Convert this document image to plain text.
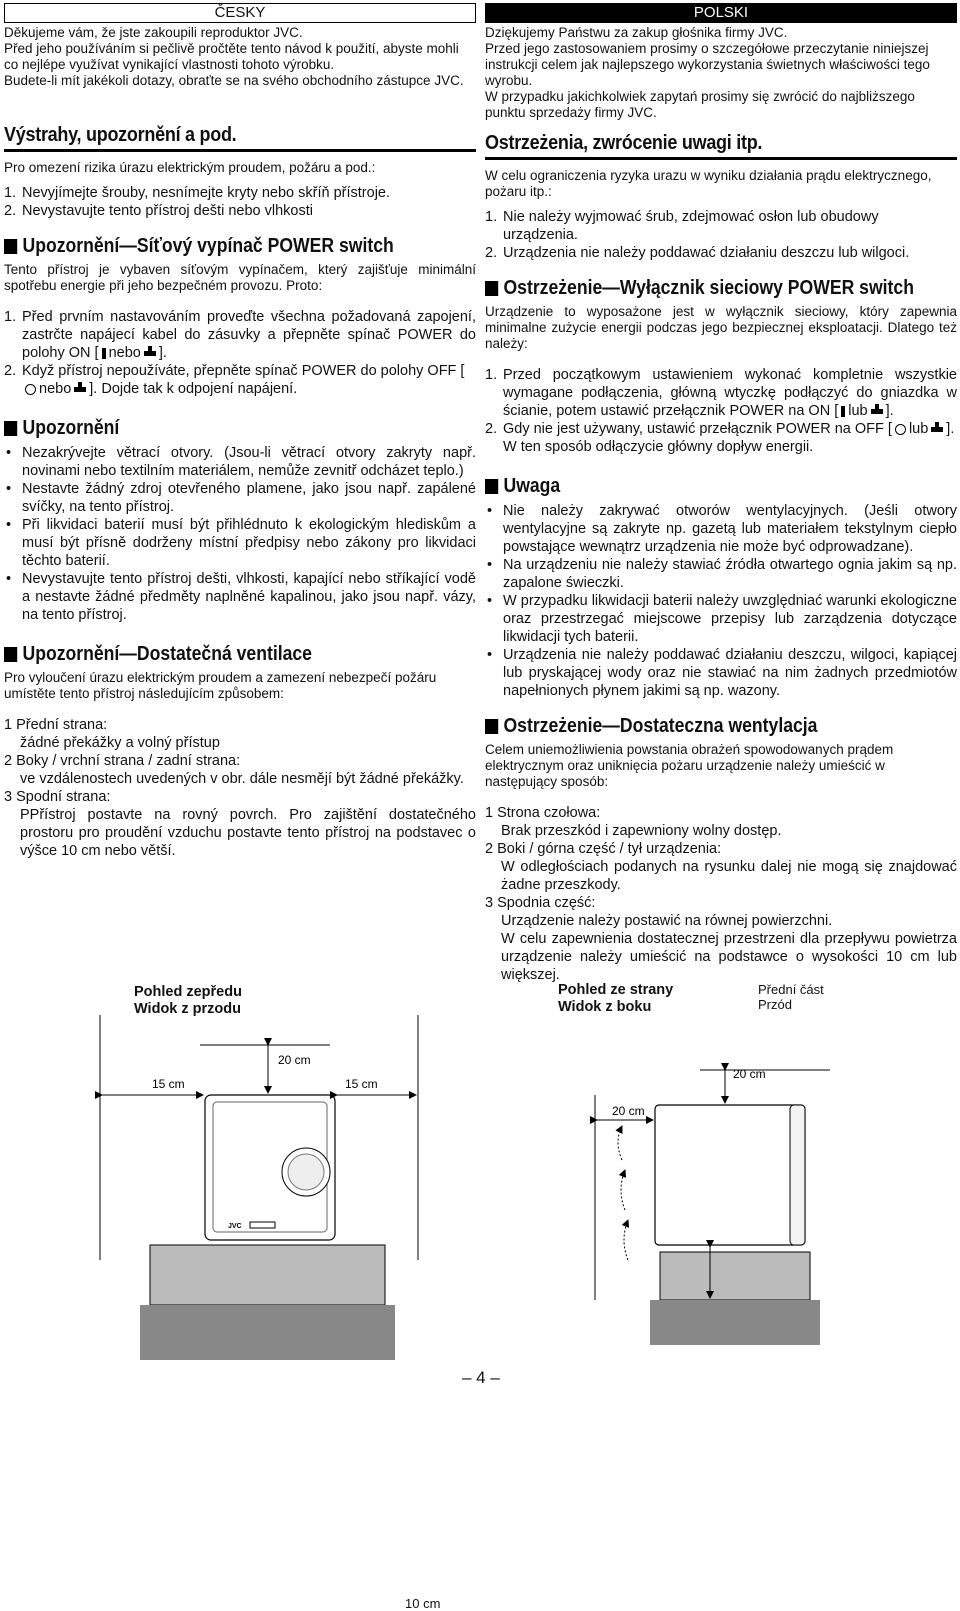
ČESKY

Děkujeme vám, že jste zakoupili reproduktor JVC.

Před jeho používáním si pečlivě pročtěte tento návod k použití, abyste mohli co nejlépe využívat vynikající vlastnosti tohoto výrobku.

Budete-li mít jakékoli dotazy, obraťte se na svého obchodního zástupce JVC.

Výstrahy, upozornění a pod.

Pro omezení rizika úrazu elektrickým proudem, požáru a pod.:

1. Nevyjímejte šrouby, nesnímejte kryty nebo skříň přístroje.
2. Nevystavujte tento přístroj dešti nebo vlhkosti
Upozornění—Síťový vypínač POWER switch

Tento přístroj je vybaven síťovým vypínačem, který zajišťuje minimální spotřebu energie při jeho bezpečném provozu. Proto:

1. Před prvním nastavováním proveďte všechna požadovaná zapojení, zastrčte napájecí kabel do zásuvky a přepněte spínač POWER do polohy ON [ nebo ].
2. Když přístroj nepoužíváte, přepněte spínač POWER do polohy OFF [nebo ]. Dojde tak k odpojení napájení.
Upozornění
• Nezakrývejte větrací otvory. (Jsou-li větrací otvory zakryty např. novinami nebo textilním materiálem, nemůže zevnitř odcházet teplo.)
• Nestavte žádný zdroj otevřeného plamene, jako jsou např. zapálené svíčky, na tento přístroj.
• Při likvidaci baterií musí být přihlédnuto k ekologickým hlediskům a musí být přísně dodrženy místní předpisy nebo zákony pro likvidaci těchto baterií.
• Nevystavujte tento přístroj dešti, vlhkosti, kapající nebo stříkající vodě a nestavte žádné předměty naplněné kapalinou, jako jsou např. vázy, na tento přístroj.
Upozornění—Dostatečná ventilace

Pro vyloučení úrazu elektrickým proudem a zamezení nebezpečí požáru umístěte tento přístroj následujícím způsobem:

1 Přední strana:

žádné překážky a volný přístup

2 Boky / vrchní strana / zadní strana:

ve vzdálenostech uvedených v obr. dále nesmějí být žádné překážky.

3 Spodní strana:

PPřístroj postavte na rovný povrch. Pro zajištění dostatečného prostoru pro proudění vzduchu postavte tento přístroj na podstavec o výšce 10 cm nebo větší.

POLSKI

Dziękujemy Państwu za zakup głośnika firmy JVC.

Przed jego zastosowaniem prosimy o szczegółowe przeczytanie niniejszej instrukcji celem jak najlepszego wykorzystania świetnych właściwości tego wyrobu.

W przypadku jakichkolwiek zapytań prosimy się zwrócić do najbliższego punktu sprzedaży firmy JVC.

Ostrzeżenia, zwrócenie uwagi itp.

W celu ograniczenia ryzyka urazu w wyniku działania prądu elektrycznego, pożaru itp.:

1. Nie należy wyjmować śrub, zdejmować osłon lub obudowy urządzenia.
2. Urządzenia nie należy poddawać działaniu deszczu lub wilgoci.
Ostrzeżenie—Wyłącznik sieciowy POWER switch

Urządzenie to wyposażone jest w wyłącznik sieciowy, który zapewnia minimalne zużycie energii podczas jego bezpiecznej eksploatacji. Dlatego też należy:

1. Przed początkowym ustawieniem wykonać kompletnie wszystkie wymagane podłączenia, główną wtyczkę podłączyć do gniazdka w ścianie, potem ustawić przełącznik POWER na ON [ lub ].
2. Gdy nie jest używany, ustawić przełącznik POWER na OFF [ lub ]. W ten sposób odłączycie główny dopływ energii.
Uwaga
• Nie należy zakrywać otworów wentylacyjnych. (Jeśli otwory wentylacyjne są zakryte np. gazetą lub materiałem tekstylnym ciepło powstające wewnątrz urządzenia nie może być odprowadzane).
• Na urządzeniu nie należy stawiać źródła otwartego ognia jakim są np. zapalone świeczki.
• W przypadku likwidacji baterii należy uwzględniać warunki ekologiczne oraz przestrzegać miejscowe przepisy lub zarządzenia dotyczące likwidacji tych baterii.
• Urządzenia nie należy poddawać działaniu deszczu, wilgoci, kapiącej lub pryskającej wody oraz nie stawiać na nim żadnych przedmiotów napełnionych płynem jakimi są np. wazony.
Ostrzeżenie—Dostateczna wentylacja

Celem uniemożliwienia powstania obrażeń spowodowanych prądem elektrycznym oraz uniknięcia pożaru urządzenie należy umieścić w następujący sposób:

1 Strona czołowa:

Brak przeszkód i zapewniony wolny dostęp.

2 Boki / górna część / tył urządzenia:

W odległościach podanych na rysunku dalej nie mogą się znajdować żadne przeszkody.

3 Spodnia część:

Urządzenie należy postawić na równej powierzchni.

W celu zapewnienia dostatecznej przestrzeni dla przepływu powietrza urządzenie należy umieścić na podstawce o wysokości 10 cm lub większej.

Pohled zepředu
Widok z przodu
Pohled ze strany
Widok z boku
Přední část
Przód
JVC
20 cm
15 cm	15 cm
20 cm
20 cm
10 cm
– 4 –
